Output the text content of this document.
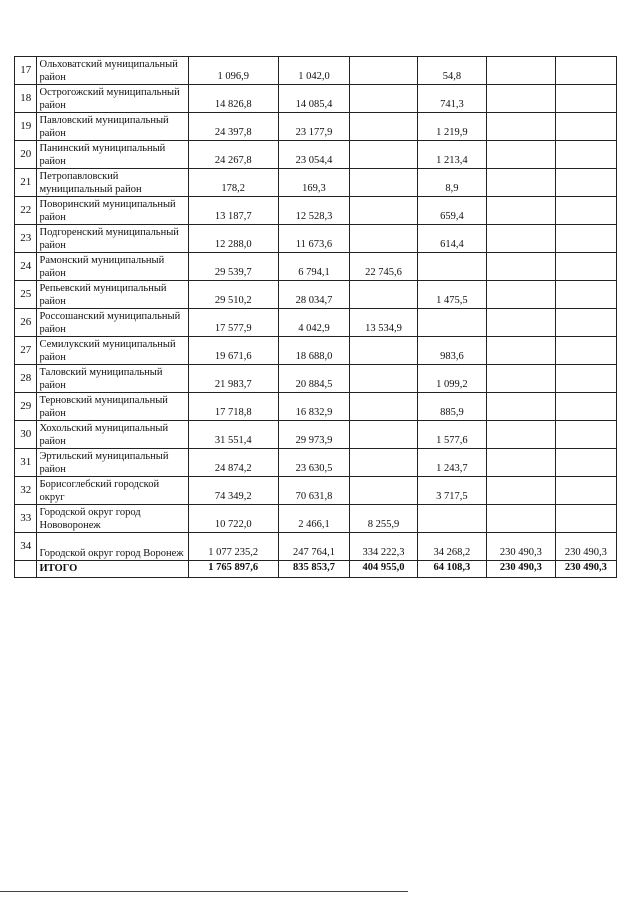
17	Ольховатский муниципальный район	1 096,9	1 042,0		54,8		
18	Острогожский муниципальный район	14 826,8	14 085,4		741,3		
19	Павловский муниципальный район	24 397,8	23 177,9		1 219,9		
20	Панинский муниципальный район	24 267,8	23 054,4		1 213,4		
21	Петропавловский муниципальный район	178,2	169,3		8,9		
22	Поворинский муниципальный район	13 187,7	12 528,3		659,4		
23	Подгоренский муниципальный район	12 288,0	11 673,6		614,4		
24	Рамонский муниципальный район	29 539,7	6 794,1	22 745,6			
25	Репьевский муниципальный район	29 510,2	28 034,7		1 475,5		
26	Россошанский муниципальный район	17 577,9	4 042,9	13 534,9			
27	Семилукский муниципальный район	19 671,6	18 688,0		983,6		
28	Таловский муниципальный район	21 983,7	20 884,5		1 099,2		
29	Терновский муниципальный район	17 718,8	16 832,9		885,9		
30	Хохольский муниципальный район	31 551,4	29 973,9		1 577,6		
31	Эртильский муниципальный район	24 874,2	23 630,5		1 243,7		
32	Борисоглебский городской округ	74 349,2	70 631,8		3 717,5		
33	Городской округ город Нововоронеж	10 722,0	2 466,1	8 255,9			
34	Городской округ город Воронеж	1 077 235,2	247 764,1	334 222,3	34 268,2	230 490,3	230 490,3
	ИТОГО	1 765 897,6	835 853,7	404 955,0	64 108,3	230 490,3	230 490,3
